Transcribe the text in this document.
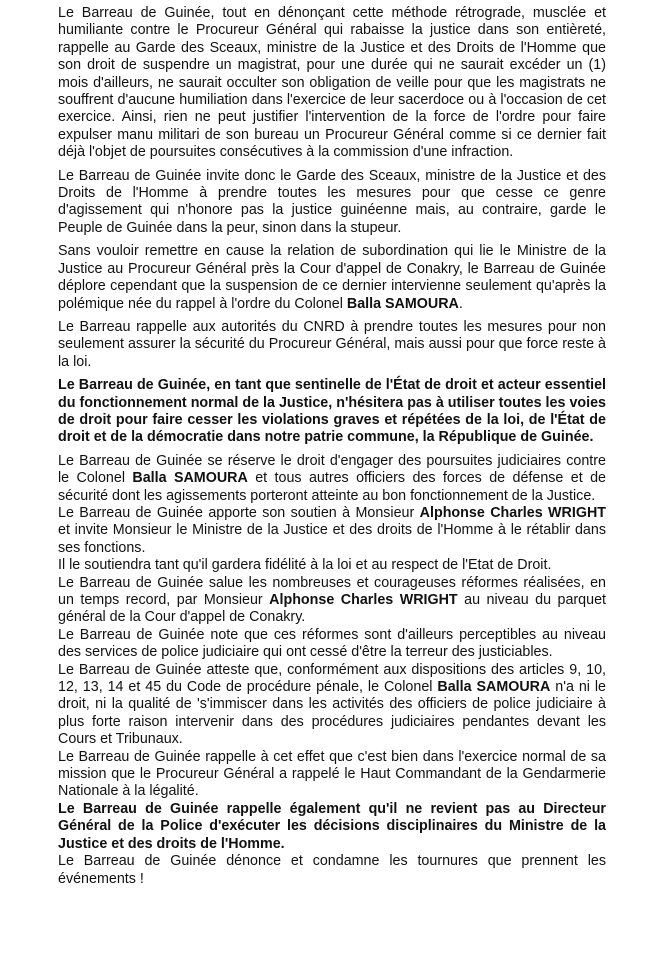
Le Barreau de Guinée, tout en dénonçant cette méthode rétrograde, musclée et humiliante contre le Procureur Général qui rabaisse la justice dans son entièreté, rappelle au Garde des Sceaux, ministre de la Justice et des Droits de l'Homme que son droit de suspendre un magistrat, pour une durée qui ne saurait excéder un (1) mois d'ailleurs, ne saurait occulter son obligation de veille pour que les magistrats ne souffrent d'aucune humiliation dans l'exercice de leur sacerdoce ou à l'occasion de cet exercice. Ainsi, rien ne peut justifier l'intervention de la force de l'ordre pour faire expulser manu militari de son bureau un Procureur Général comme si ce dernier fait déjà l'objet de poursuites consécutives à la commission d'une infraction.

Le Barreau de Guinée invite donc le Garde des Sceaux, ministre de la Justice et des Droits de l'Homme à prendre toutes les mesures pour que cesse ce genre d'agissement qui n'honore pas la justice guinéenne mais, au contraire, garde le Peuple de Guinée dans la peur, sinon dans la stupeur.

Sans vouloir remettre en cause la relation de subordination qui lie le Ministre de la Justice au Procureur Général près la Cour d'appel de Conakry, le Barreau de Guinée déplore cependant que la suspension de ce dernier intervienne seulement qu'après la polémique née du rappel à l'ordre du Colonel Balla SAMOURA.

Le Barreau rappelle aux autorités du CNRD à prendre toutes les mesures pour non seulement assurer la sécurité du Procureur Général, mais aussi pour que force reste à la loi.

Le Barreau de Guinée, en tant que sentinelle de l'État de droit et acteur essentiel du fonctionnement normal de la Justice, n'hésitera pas à utiliser toutes les voies de droit pour faire cesser les violations graves et répétées de la loi, de l'État de droit et de la démocratie dans notre patrie commune, la République de Guinée.

Le Barreau de Guinée se réserve le droit d'engager des poursuites judiciaires contre le Colonel Balla SAMOURA et tous autres officiers des forces de défense et de sécurité dont les agissements porteront atteinte au bon fonctionnement de la Justice.

Le Barreau de Guinée apporte son soutien à Monsieur Alphonse Charles WRIGHT et invite Monsieur le Ministre de la Justice et des droits de l'Homme à le rétablir dans ses fonctions.

Il le soutiendra tant qu'il gardera fidélité à la loi et au respect de l'Etat de Droit.

Le Barreau de Guinée salue les nombreuses et courageuses réformes réalisées, en un temps record, par Monsieur Alphonse Charles WRIGHT au niveau du parquet général de la Cour d'appel de Conakry.

Le Barreau de Guinée note que ces réformes sont d'ailleurs perceptibles au niveau des services de police judiciaire qui ont cessé d'être la terreur des justiciables.

Le Barreau de Guinée atteste que, conformément aux dispositions des articles 9, 10, 12, 13, 14 et 45 du Code de procédure pénale, le Colonel Balla SAMOURA n'a ni le droit, ni la qualité de 's'immiscer dans les activités des officiers de police judiciaire à plus forte raison intervenir dans des procédures judiciaires pendantes devant les Cours et Tribunaux.

Le Barreau de Guinée rappelle à cet effet que c'est bien dans l'exercice normal de sa mission que le Procureur Général a rappelé le Haut Commandant de la Gendarmerie Nationale à la légalité.

Le Barreau de Guinée rappelle également qu'il ne revient pas au Directeur Général de la Police d'exécuter les décisions disciplinaires du Ministre de la Justice et des droits de l'Homme.

Le Barreau de Guinée dénonce et condamne les tournures que prennent les événements !
